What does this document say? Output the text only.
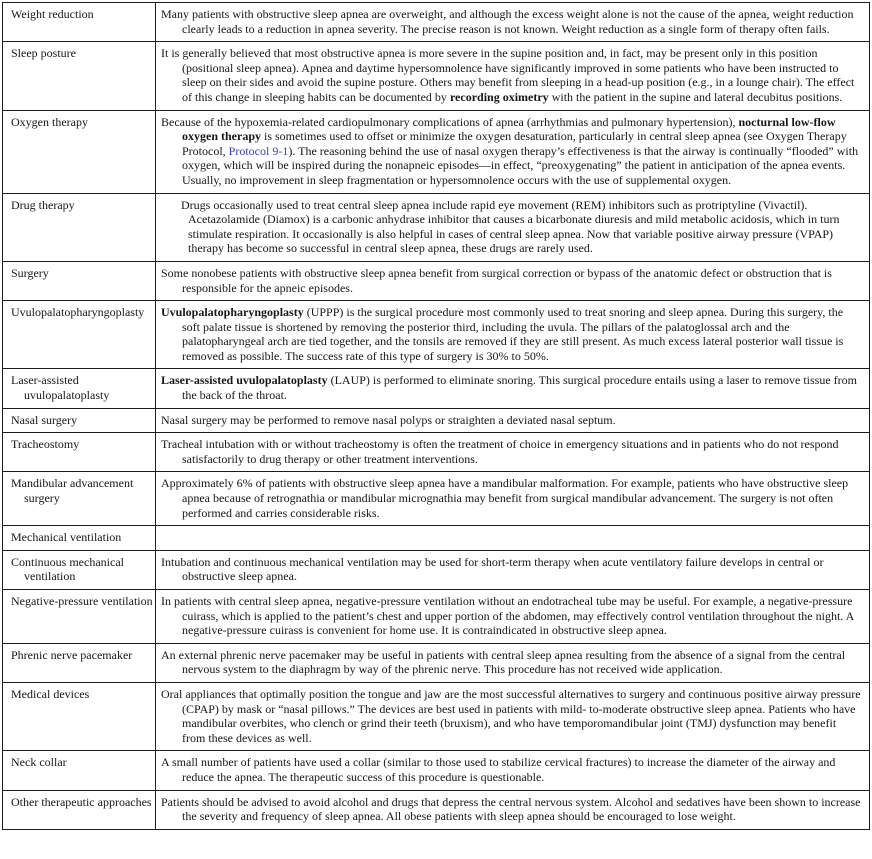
Weight reduction	Many patients with obstructive sleep apnea are overweight, and although the excess weight alone is not the cause of the apnea, weight reduction clearly leads to a reduction in apnea severity. The precise reason is not known. Weight reduction as a single form of therapy often fails.
Sleep posture	It is generally believed that most obstructive apnea is more severe in the supine position and, in fact, may be present only in this position (positional sleep apnea). Apnea and daytime hypersomnolence have significantly improved in some patients who have been instructed to sleep on their sides and avoid the supine posture. Others may benefit from sleeping in a head-up position (e.g., in a lounge chair). The effect of this change in sleeping habits can be documented by recording oximetry with the patient in the supine and lateral decubitus positions.
Oxygen therapy	Because of the hypoxemia-related cardiopulmonary complications of apnea (arrhythmias and pulmonary hypertension), nocturnal low-flow oxygen therapy is sometimes used to offset or minimize the oxygen desaturation, particularly in central sleep apnea (see Oxygen Therapy Protocol, Protocol 9-1). The reasoning behind the use of nasal oxygen therapy’s effectiveness is that the airway is continually “flooded” with oxygen, which will be inspired during the nonapneic episodes—in effect, “preoxygenating” the patient in anticipation of the apnea events. Usually, no improvement in sleep fragmentation or hypersomnolence occurs with the use of supplemental oxygen.
Drug therapy	Drugs occasionally used to treat central sleep apnea include rapid eye movement (REM) inhibitors such as protriptyline (Vivactil). Acetazolamide (Diamox) is a carbonic anhydrase inhibitor that causes a bicarbonate diuresis and mild metabolic acidosis, which in turn stimulate respiration. It occasionally is also helpful in cases of central sleep apnea. Now that variable positive airway pressure (VPAP) therapy has become so successful in central sleep apnea, these drugs are rarely used.
Surgery	Some nonobese patients with obstructive sleep apnea benefit from surgical correction or bypass of the anatomic defect or obstruction that is responsible for the apneic episodes.
Uvulopalatopharyngoplasty	Uvulopalatopharyngoplasty (UPPP) is the surgical procedure most commonly used to treat snoring and sleep apnea. During this surgery, the soft palate tissue is shortened by removing the posterior third, including the uvula. The pillars of the palatoglossal arch and the palatopharyngeal arch are tied together, and the tonsils are removed if they are still present. As much excess lateral posterior wall tissue is removed as possible. The success rate of this type of surgery is 30% to 50%.
Laser-assisted uvulopalatoplasty	Laser-assisted uvulopalatoplasty (LAUP) is performed to eliminate snoring. This surgical procedure entails using a laser to remove tissue from the back of the throat.
Nasal surgery	Nasal surgery may be performed to remove nasal polyps or straighten a deviated nasal septum.
Tracheostomy	Tracheal intubation with or without tracheostomy is often the treatment of choice in emergency situations and in patients who do not respond satisfactorily to drug therapy or other treatment interventions.
Mandibular advancement surgery	Approximately 6% of patients with obstructive sleep apnea have a mandibular malformation. For example, patients who have obstructive sleep apnea because of retrognathia or mandibular micrognathia may benefit from surgical mandibular advancement. The surgery is not often performed and carries considerable risks.
Mechanical ventilation	
Continuous mechanical ventilation	Intubation and continuous mechanical ventilation may be used for short-term therapy when acute ventilatory failure develops in central or obstructive sleep apnea.
Negative-pressure ventilation	In patients with central sleep apnea, negative-pressure ventilation without an endotracheal tube may be useful. For example, a negative-pressure cuirass, which is applied to the patient’s chest and upper portion of the abdomen, may effectively control ventilation throughout the night. A negative-pressure cuirass is convenient for home use. It is contraindicated in obstructive sleep apnea.
Phrenic nerve pacemaker	An external phrenic nerve pacemaker may be useful in patients with central sleep apnea resulting from the absence of a signal from the central nervous system to the diaphragm by way of the phrenic nerve. This procedure has not received wide application.
Medical devices	Oral appliances that optimally position the tongue and jaw are the most successful alternatives to surgery and continuous positive airway pressure (CPAP) by mask or “nasal pillows.” The devices are best used in patients with mild- to-moderate obstructive sleep apnea. Patients who have mandibular overbites, who clench or grind their teeth (bruxism), and who have temporomandibular joint (TMJ) dysfunction may benefit from these devices as well.
Neck collar	A small number of patients have used a collar (similar to those used to stabilize cervical fractures) to increase the diameter of the airway and reduce the apnea. The therapeutic success of this procedure is questionable.
Other therapeutic approaches	Patients should be advised to avoid alcohol and drugs that depress the central nervous system. Alcohol and sedatives have been shown to increase the severity and frequency of sleep apnea. All obese patients with sleep apnea should be encouraged to lose weight.
